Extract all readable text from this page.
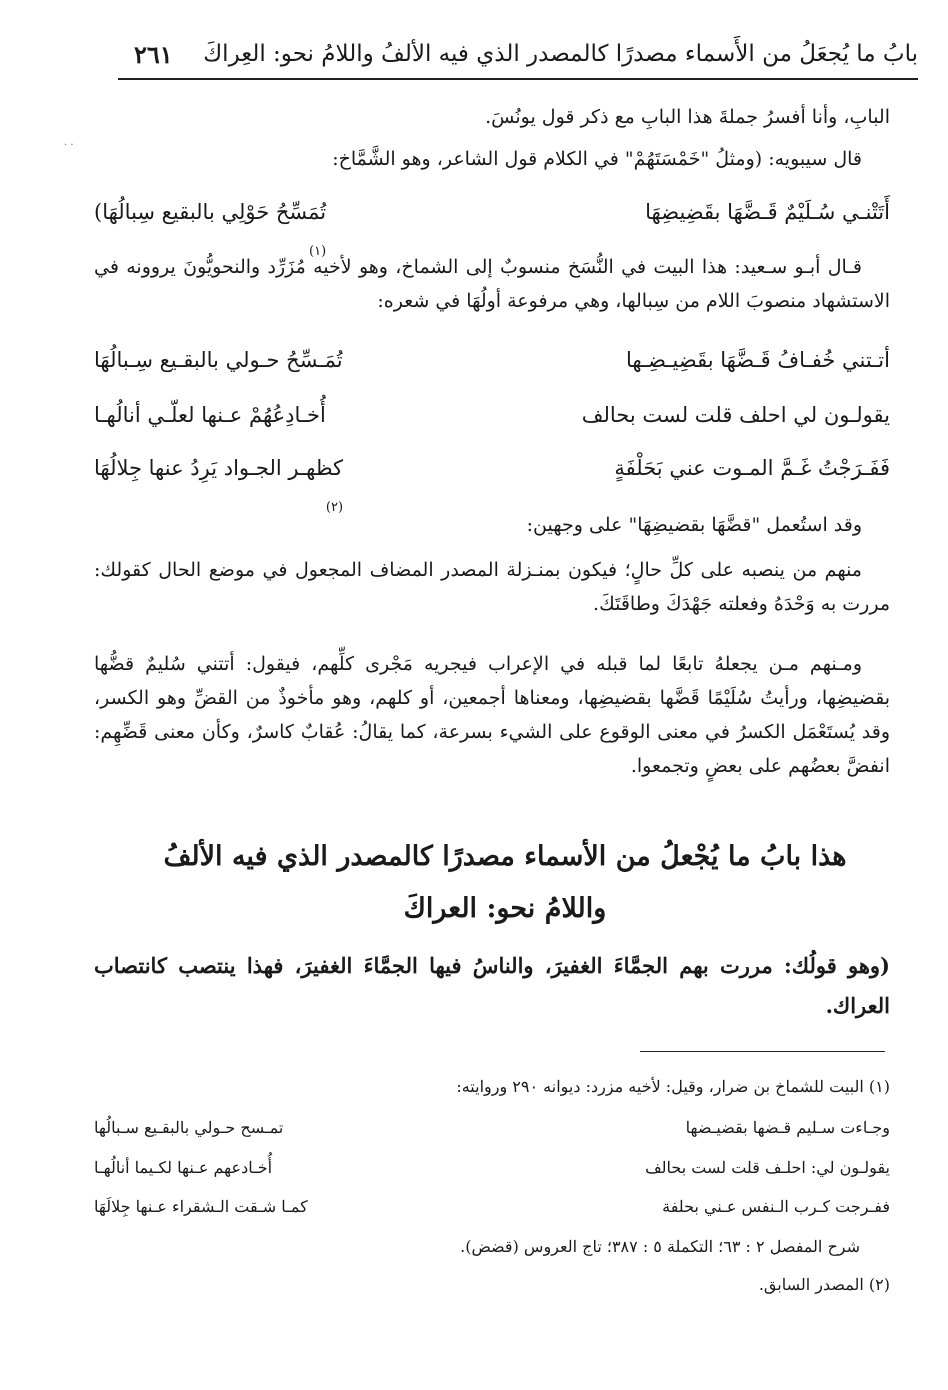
بابُ ما يُجعَلُ من الأَسماء مصدرًا كالمصدر الذي فيه الألفُ واللامُ نحو: العِراكَ
٢٦١
· ·

البابِ، وأنا أفسرُ جملةَ هذا البابِ مع ذكر قول يونُسَ.

قال سيبويه: (ومثلُ "خَمْسَتَهُمْ" في الكلام قول الشاعر، وهو الشَّمَّاخ:

أَتَتْنـي سُـلَيْمٌ قَـضَّهَا بقَضِيضِهَا
تُمَسِّحُ حَوْلِي بالبقيع سِبالُهَا)
(١)
قـال أبـو سـعيد: هذا البيت في النُّسَخ منسوبٌ إلى الشماخ، وهو لأخيه مُزَرِّد والنحويُّونَ يروونه في الاستشهاد منصوبَ اللام من سِبالها، وهي مرفوعة أولُهَا في شعره:
أتـتني خُفـافُ قَـضَّهَا بقَضِيـضِـها
تُمَـسِّحُ حـولي بالبقـيع سِـبالُهَا
يقولـون لي احلف قلت لست بحالف
أُخـادِعُهُمْ عـنها لعلّـي أنالُهـا
فَفَـرَجْتُ غَـمَّ المـوت عني بَحَلْفَةٍ
كظهـر الجـواد يَرِدُ عنها جِلالُهَا
(٢)
وقد استُعمل "قضَّهَا بقضيضِهَا" على وجهين:
منهم من ينصبه على كلِّ حالٍ؛ فيكون بمنـزلة المصدر المضاف المجعول في موضع الحال كقولك: مررت به وَحْدَهُ وفعلته جَهْدَكَ وطاقَتَكَ.
ومـنهم مـن يجعلهُ تابعًا لما قبله في الإعراب فيجريه مَجْرى كلِّهم، فيقول: أتتني سُليمٌ قضُّها بقضيضِها، ورأيتُ سُلَيْمًا قَضَّها بقضيضِها، ومعناها أجمعين، أو كلهم، وهو مأخوذٌ من القضِّ وهو الكسر، وقد يُستَعْمَل الكسرُ في معنى الوقوع على الشيء بسرعة، كما يقالُ: عُقابٌ كاسرٌ، وكأن معنى قَضِّهِم: انفضَّ بعضُهم على بعضٍ وتجمعوا.
هذا بابُ ما يُجْعلُ من الأسماء مصدرًا كالمصدر الذي فيه الألفُ
واللامُ نحو: العراكَ
(وهو قولُك: مررت بهم الجمَّاءَ الغفيرَ، والناسُ فيها الجمَّاءَ الغفيرَ، فهذا ينتصب كانتصاب العراك.
(١) البيت للشماخ بن ضرار، وقيل: لأخيه مزرد: ديوانه ٢٩٠ وروايته:
وجـاءت سـليم قـضها بقضيـضها
تمـسح حـولي بالبقـيع سـبالُها
يقولـون لي: احلـف قلت لست بحالف
أُخـادعهم عـنها لكـيما أنالُهـا
ففـرجت كـرب الـنفس عـني بحلفة
كمـا شـقت الـشقراء عـنها جِلالَهَا
شرح المفصل ٢ : ٦٣؛ التكملة ٥ : ٣٨٧؛ تاج العروس (قضض).
(٢) المصدر السابق.
